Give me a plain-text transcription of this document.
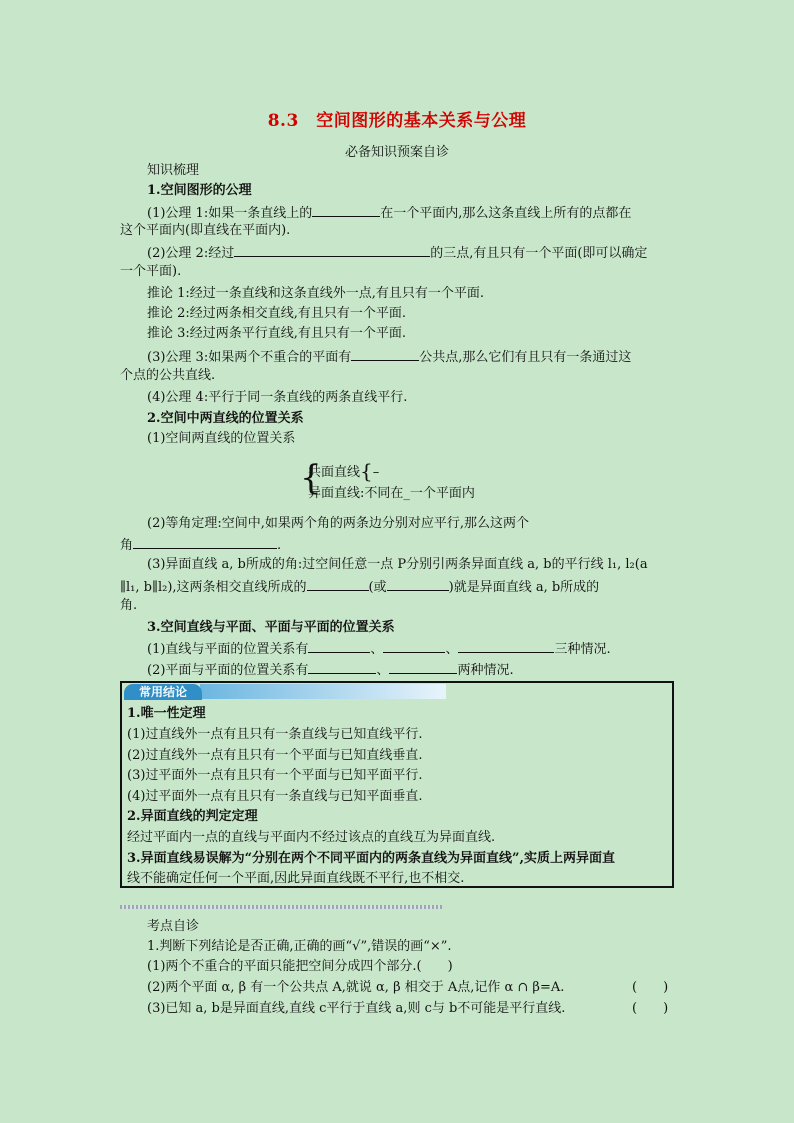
8.3　空间图形的基本关系与公理
必备知识预案自诊
知识梳理
1.空间图形的公理
(1)公理 1:如果一条直线上的	在一个平面内,那么这条直线上所有的点都在
这个平面内(即直线在平面内).
(2)公理 2:经过	的三点,有且只有一个平面(即可以确定
一个平面).
推论 1:经过一条直线和这条直线外一点,有且只有一个平面.
推论 2:经过两条相交直线,有且只有一个平面.
推论 3:经过两条平行直线,有且只有一个平面.
(3)公理 3:如果两个不重合的平面有	公共点,那么它们有且只有一条通过这
个点的公共直线.
(4)公理 4:平行于同一条直线的两条直线平行.
2.空间中两直线的位置关系
(1)空间两直线的位置关系
{
共面直线{–
异面直线:不同在_一个平面内
(2)等角定理:空间中,如果两个角的两条边分别对应平行,那么这两个
角	.
(3)异面直线 a, b所成的角:过空间任意一点 P分别引两条异面直线 a, b的平行线 l₁, l₂(a
∥l₁, b∥l₂),这两条相交直线所成的	(或	)就是异面直线 a, b所成的
角.
3.空间直线与平面、平面与平面的位置关系
(1)直线与平面的位置关系有	、	、	三种情况.
(2)平面与平面的位置关系有	、	两种情况.
常用结论
1.唯一性定理
(1)过直线外一点有且只有一条直线与已知直线平行.
(2)过直线外一点有且只有一个平面与已知直线垂直.
(3)过平面外一点有且只有一个平面与已知平面平行.
(4)过平面外一点有且只有一条直线与已知平面垂直.
2.异面直线的判定定理
经过平面内一点的直线与平面内不经过该点的直线互为异面直线.
3.异面直线易误解为“分别在两个不同平面内的两条直线为异面直线”,实质上两异面直
线不能确定任何一个平面,因此异面直线既不平行,也不相交.
考点自诊
1.判断下列结论是否正确,正确的画“√”,错误的画“×”.
(1)两个不重合的平面只能把空间分成四个部分.(　　)
(2)两个平面 α, β 有一个公共点 A,就说 α, β 相交于 A点,记作 α ∩ β=A.	(　　)
(3)已知 a, b是异面直线,直线 c平行于直线 a,则 c与 b不可能是平行直线.	(　　)
